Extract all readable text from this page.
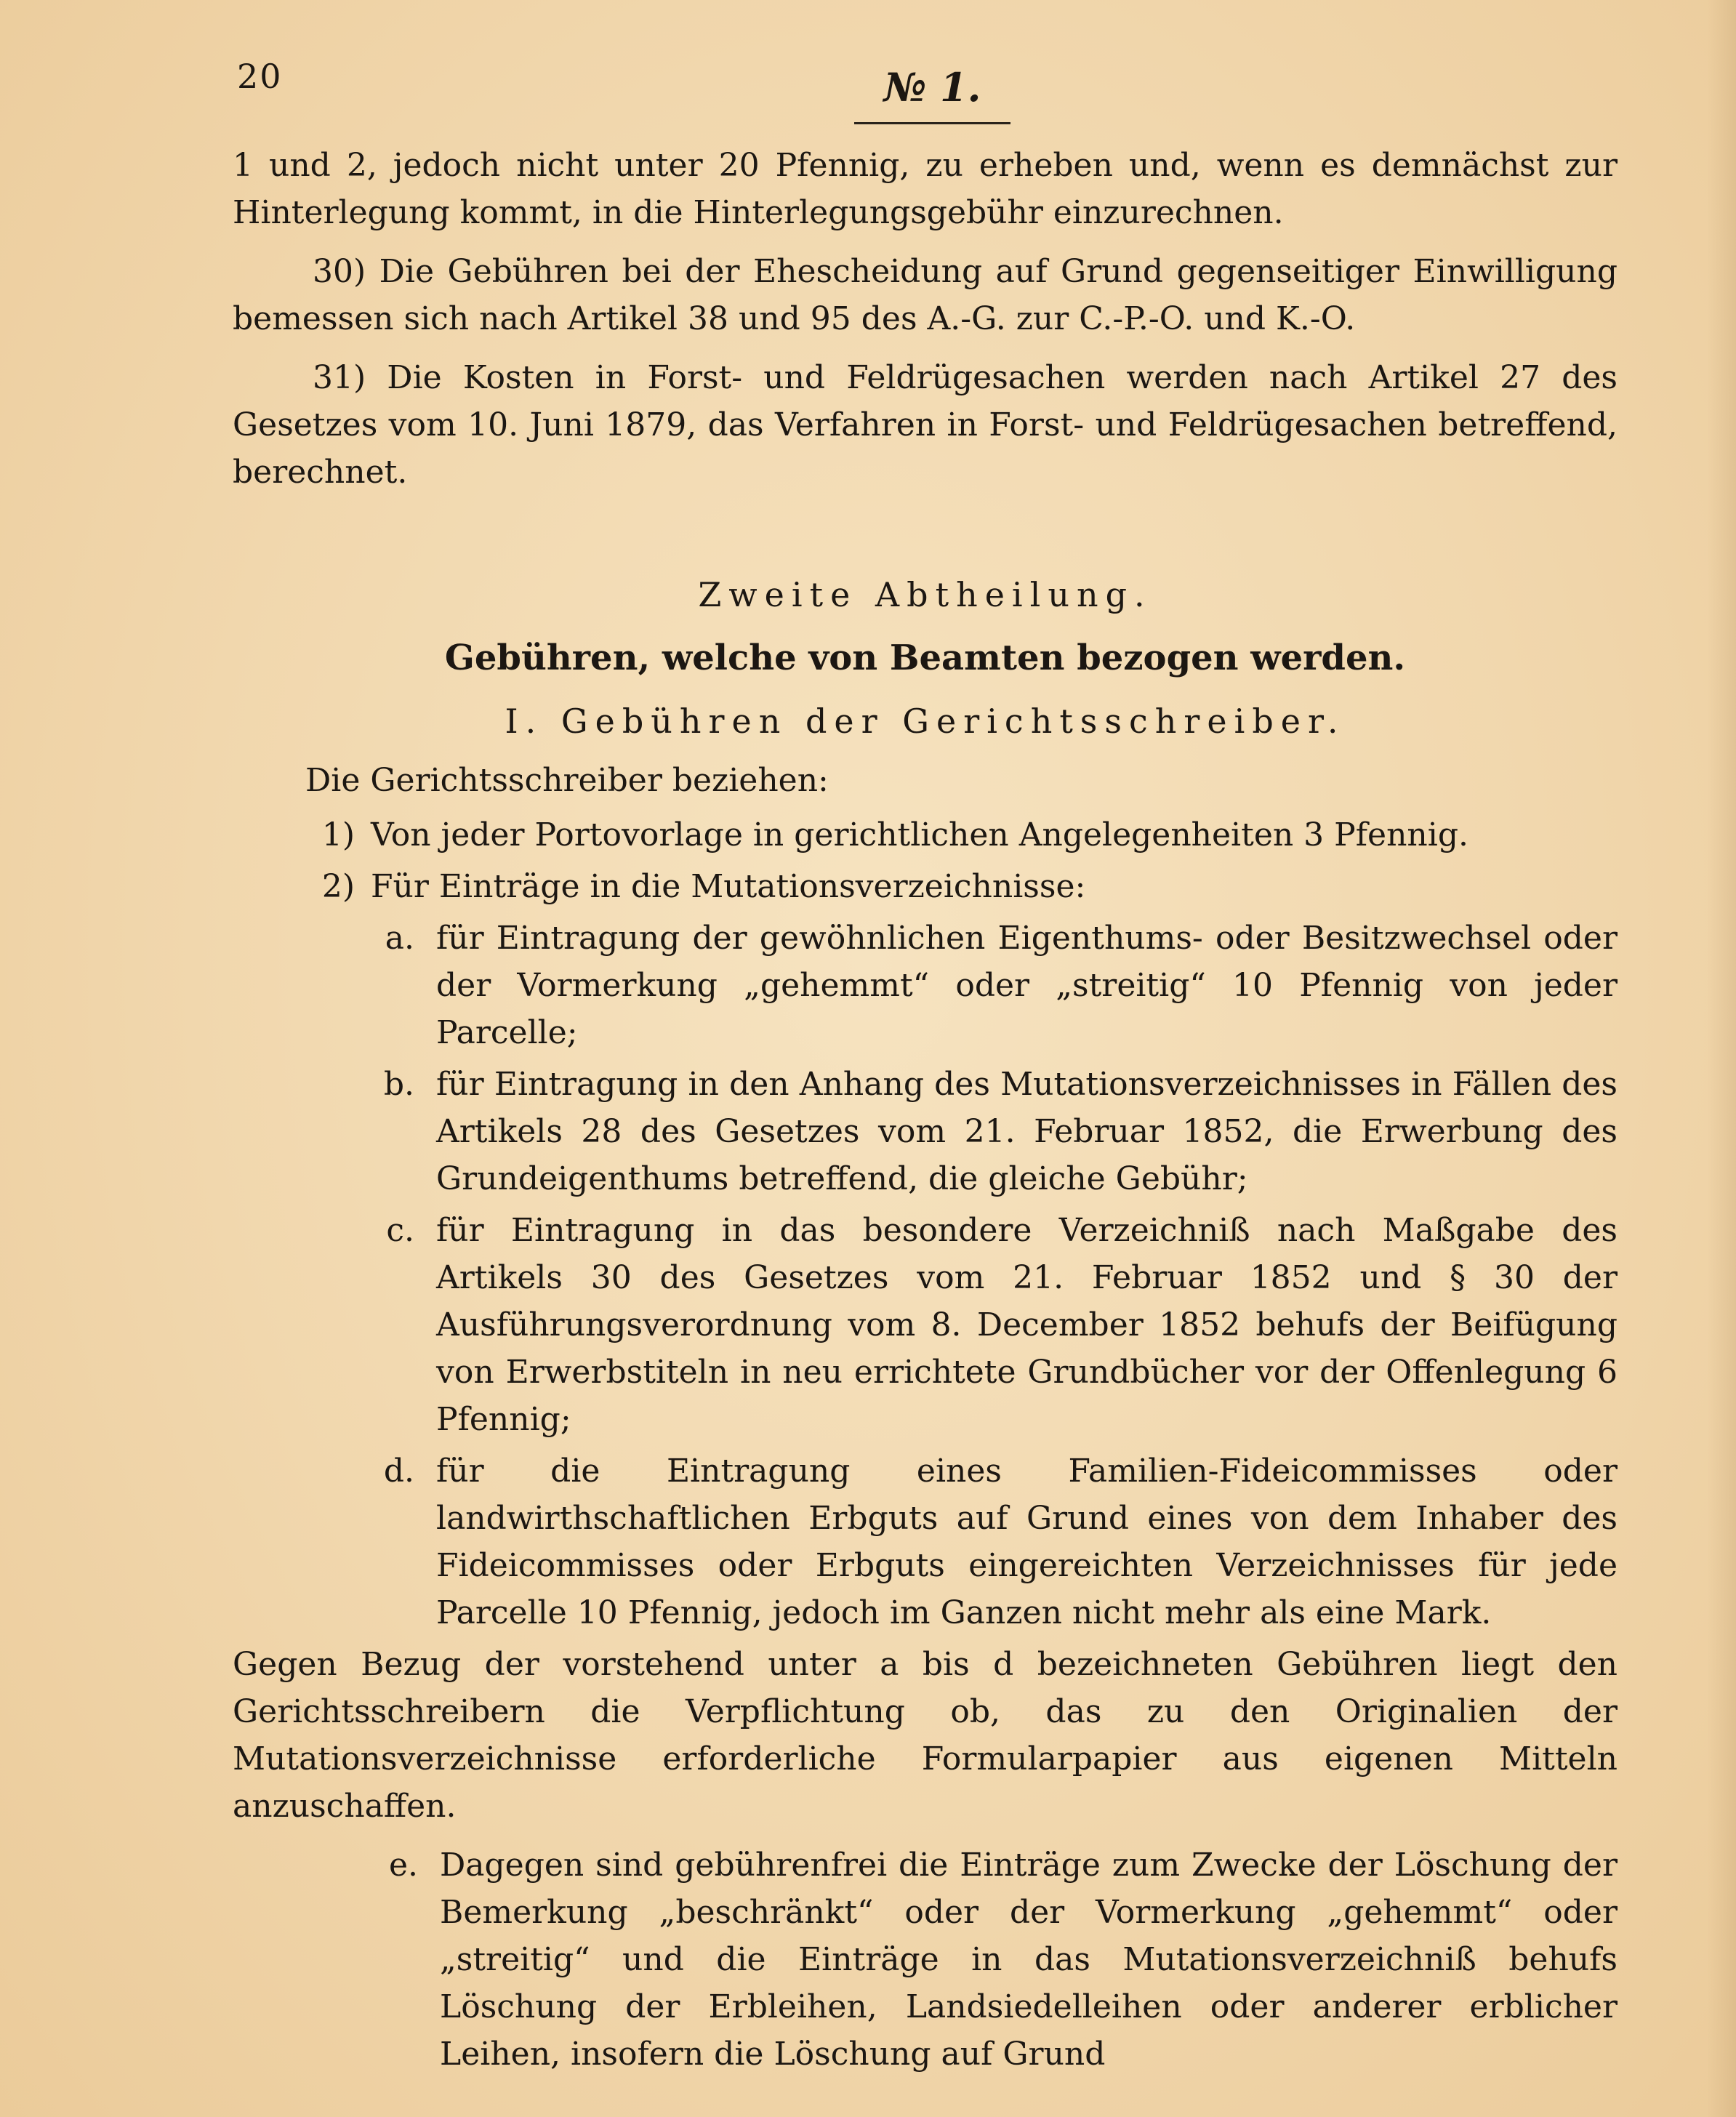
20	№ 1.

1 und 2, jedoch nicht unter 20 Pfennig, zu erheben und, wenn es demnächst zur Hinterlegung kommt, in die Hinterlegungsgebühr einzurechnen.

30) Die Gebühren bei der Ehescheidung auf Grund gegenseitiger Einwilligung bemessen sich nach Artikel 38 und 95 des A.-G. zur C.-P.-O. und K.-O.

31) Die Kosten in Forst- und Feldrügesachen werden nach Artikel 27 des Gesetzes vom 10. Juni 1879, das Verfahren in Forst- und Feldrügesachen betreffend, berechnet.

Zweite Abtheilung.

Gebühren, welche von Beamten bezogen werden.

I. Gebühren der Gerichtsschreiber.

Die Gerichtsschreiber beziehen:

1) Von jeder Portovorlage in gerichtlichen Angelegenheiten 3 Pfennig.
2) Für Einträge in die Mutationsverzeichnisse:
a. für Eintragung der gewöhnlichen Eigenthums- oder Besitzwechsel oder der Vormerkung „gehemmt“ oder „streitig“ 10 Pfennig von jeder Parcelle;
b. für Eintragung in den Anhang des Mutationsverzeichnisses in Fällen des Artikels 28 des Gesetzes vom 21. Februar 1852, die Erwerbung des Grundeigenthums betreffend, die gleiche Gebühr;
c. für Eintragung in das besondere Verzeichniß nach Maßgabe des Artikels 30 des Gesetzes vom 21. Februar 1852 und § 30 der Ausführungsverordnung vom 8. December 1852 behufs der Beifügung von Erwerbstiteln in neu errichtete Grundbücher vor der Offenlegung 6 Pfennig;
d. für die Eintragung eines Familien-Fideicommisses oder landwirthschaftlichen Erbguts auf Grund eines von dem Inhaber des Fideicommisses oder Erbguts eingereichten Verzeichnisses für jede Parcelle 10 Pfennig, jedoch im Ganzen nicht mehr als eine Mark.

Gegen Bezug der vorstehend unter a bis d bezeichneten Gebühren liegt den Gerichtsschreibern die Verpflichtung ob, das zu den Originalien der Mutationsverzeichnisse erforderliche Formularpapier aus eigenen Mitteln anzuschaffen.

e. Dagegen sind gebührenfrei die Einträge zum Zwecke der Löschung der Bemerkung „beschränkt“ oder der Vormerkung „gehemmt“ oder „streitig“ und die Einträge in das Mutationsverzeichniß behufs Löschung der Erbleihen, Landsiedelleihen oder anderer erblicher Leihen, insofern die Löschung auf Grund
